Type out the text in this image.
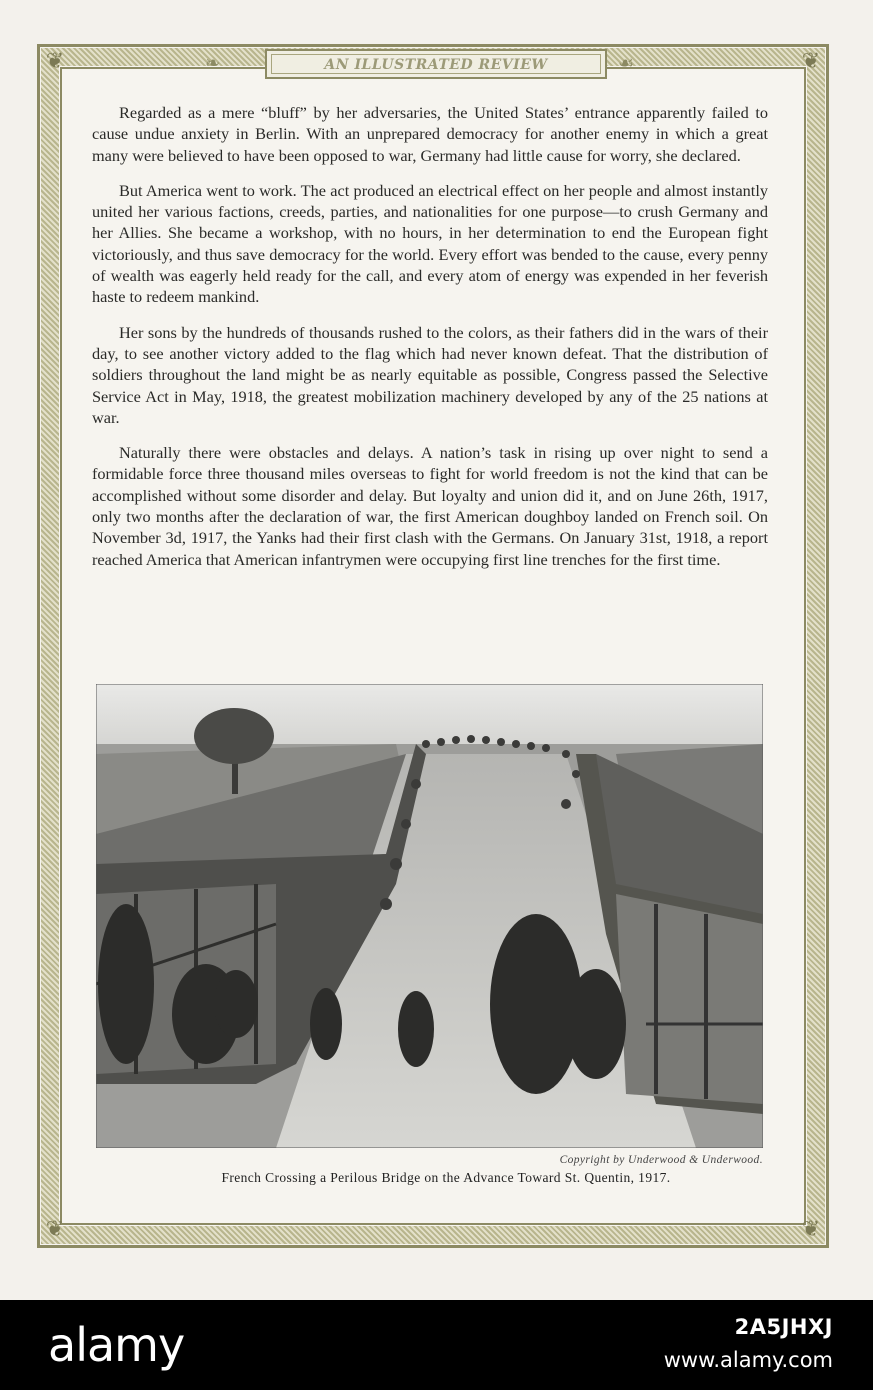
❦	❦
❦	❦
❧	☙
AN ILLUSTRATED REVIEW

Regarded as a mere “bluff” by her adversaries, the United States’ entrance apparently failed to cause undue anxiety in Berlin. With an unprepared democracy for another enemy in which a great many were believed to have been opposed to war, Germany had little cause for worry, she declared.

But America went to work. The act produced an electrical effect on her people and almost instantly united her various factions, creeds, parties, and nationalities for one purpose—to crush Germany and her Allies. She became a workshop, with no hours, in her determination to end the European fight victoriously, and thus save democracy for the world. Every effort was bended to the cause, every penny of wealth was eagerly held ready for the call, and every atom of energy was expended in her feverish haste to redeem mankind.

Her sons by the hundreds of thousands rushed to the colors, as their fathers did in the wars of their day, to see another victory added to the flag which had never known defeat. That the distribution of soldiers throughout the land might be as nearly equitable as possible, Congress passed the Selective Service Act in May, 1918, the greatest mobilization machinery developed by any of the 25 nations at war.

Naturally there were obstacles and delays. A nation’s task in rising up over night to send a formidable force three thousand miles overseas to fight for world freedom is not the kind that can be accomplished without some disorder and delay. But loyalty and union did it, and on June 26th, 1917, only two months after the declaration of war, the first American doughboy landed on French soil. On November 3d, 1917, the Yanks had their first clash with the Germans. On January 31st, 1918, a report reached America that American infantrymen were occupying first line trenches for the first time.

Copyright by Underwood & Underwood.
French Crossing a Perilous Bridge on the Advance Toward St. Quentin, 1917.
alamy	2A5JHXJ
www.alamy.com
